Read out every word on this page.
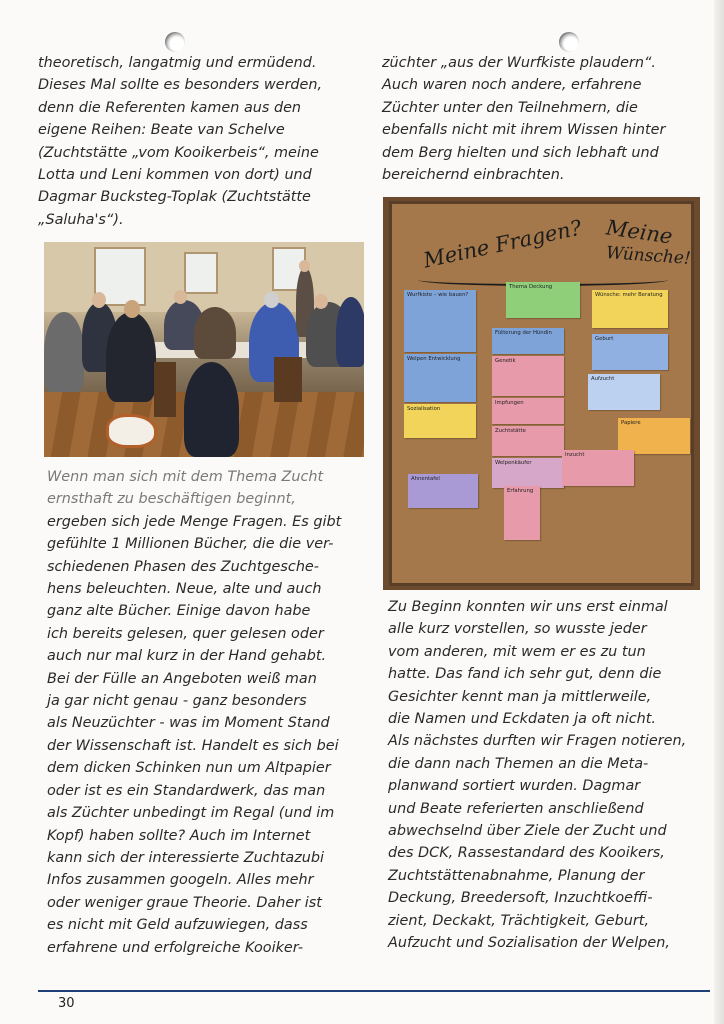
theoretisch, langatmig und ermüdend.

Dieses Mal sollte es besonders werden,

denn die Referenten kamen aus den

eigene Reihen: Beate van Schelve

(Zuchtstätte „vom Kooikerbeis“, meine

Lotta und Leni kommen von dort) und

Dagmar Bucksteg-Toplak (Zuchtstätte

„Saluha's“).

Wenn man sich mit dem Thema Zucht

ernsthaft zu beschäftigen beginnt,

ergeben sich jede Menge Fragen. Es gibt

gefühlte 1 Millionen Bücher, die die ver-

schiedenen Phasen des Zuchtgesche-

hens beleuchten. Neue, alte und auch

ganz alte Bücher. Einige davon habe

ich bereits gelesen, quer gelesen oder

auch nur mal kurz in der Hand gehabt.

Bei der Fülle an Angeboten weiß man

ja gar nicht genau - ganz besonders

als Neuzüchter - was im Moment Stand

der Wissenschaft ist. Handelt es sich bei

dem dicken Schinken nun um Altpapier

oder ist es ein Standardwerk, das man

als Züchter unbedingt im Regal (und im

Kopf) haben sollte? Auch im Internet

kann sich der interessierte Zuchtazubi

Infos zusammen googeln. Alles mehr

oder weniger graue Theorie. Daher ist

es nicht mit Geld aufzuwiegen, dass

erfahrene und erfolgreiche Kooiker-

züchter „aus der Wurfkiste plaudern“.

Auch waren noch andere, erfahrene

Züchter unter den Teilnehmern, die

ebenfalls nicht mit ihrem Wissen hinter

dem Berg hielten und sich lebhaft und

bereichernd einbrachten.

Meine Fragen? Meine
Wünsche!
Wurfkiste – wie bauen?
Thema Deckung
Wünsche: mehr Beratung
Welpen Entwicklung
Fütterung der Hündin
Genetik
Geburt
Aufzucht
Impfungen
Sozialisation
Zuchtstätte
Papiere
Welpenkäufer
Inzucht
Ahnentafel
Erfahrung

Zu Beginn konnten wir uns erst einmal

alle kurz vorstellen, so wusste jeder

vom anderen, mit wem er es zu tun

hatte. Das fand ich sehr gut, denn die

Gesichter kennt man ja mittlerweile,

die Namen und Eckdaten ja oft nicht.

Als nächstes durften wir Fragen notieren,

die dann nach Themen an die Meta-

planwand sortiert wurden. Dagmar

und Beate referierten anschließend

abwechselnd über Ziele der Zucht und

des DCK, Rassestandard des Kooikers,

Zuchtstättenabnahme, Planung der

Deckung, Breedersoft, Inzuchtkoeffi-

zient, Deckakt, Trächtigkeit, Geburt,

Aufzucht und Sozialisation der Welpen,

30
